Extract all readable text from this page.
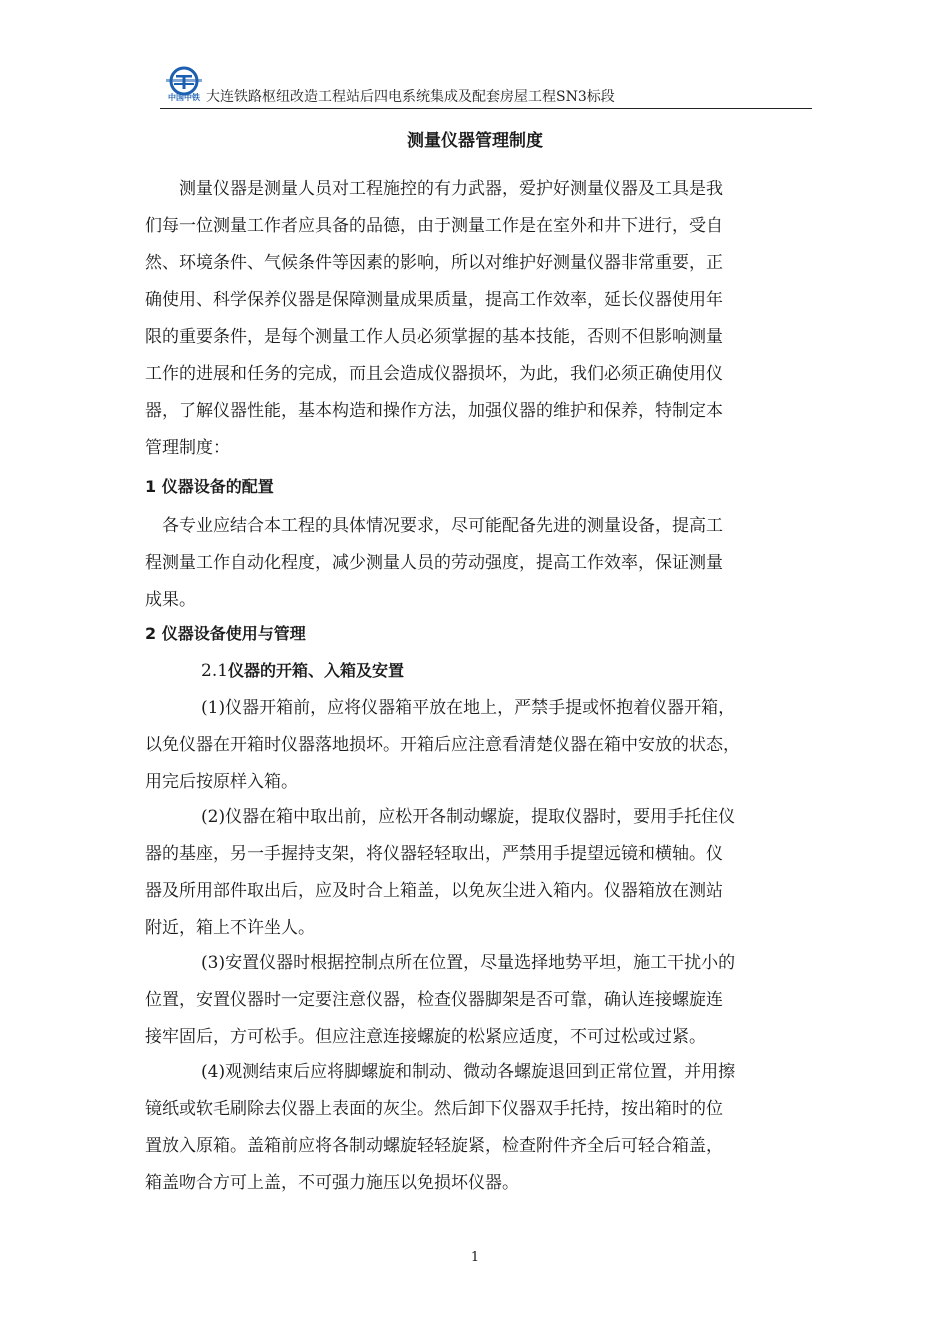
中国中铁 大连铁路枢纽改造工程站后四电系统集成及配套房屋工程SN3标段
测量仪器管理制度
测量仪器是测量人员对工程施控的有力武器，爱护好测量仪器及工具是我
们每一位测量工作者应具备的品德，由于测量工作是在室外和井下进行，受自
然、环境条件、气候条件等因素的影响，所以对维护好测量仪器非常重要，正
确使用、科学保养仪器是保障测量成果质量，提高工作效率，延长仪器使用年
限的重要条件，是每个测量工作人员必须掌握的基本技能，否则不但影响测量
工作的进展和任务的完成，而且会造成仪器损坏，为此，我们必须正确使用仪
器，了解仪器性能，基本构造和操作方法，加强仪器的维护和保养，特制定本
管理制度：
1 仪器设备的配置
各专业应结合本工程的具体情况要求，尽可能配备先进的测量设备，提高工
程测量工作自动化程度，减少测量人员的劳动强度，提高工作效率，保证测量
成果。
2 仪器设备使用与管理
2.1仪器的开箱、入箱及安置
(1)仪器开箱前，应将仪器箱平放在地上，严禁手提或怀抱着仪器开箱，
以免仪器在开箱时仪器落地损坏。开箱后应注意看清楚仪器在箱中安放的状态，
用完后按原样入箱。
(2)仪器在箱中取出前，应松开各制动螺旋，提取仪器时，要用手托住仪
器的基座，另一手握持支架，将仪器轻轻取出，严禁用手提望远镜和横轴。仪
器及所用部件取出后，应及时合上箱盖，以免灰尘进入箱内。仪器箱放在测站
附近，箱上不许坐人。
(3)安置仪器时根据控制点所在位置，尽量选择地势平坦，施工干扰小的
位置，安置仪器时一定要注意仪器，检查仪器脚架是否可靠，确认连接螺旋连
接牢固后，方可松手。但应注意连接螺旋的松紧应适度，不可过松或过紧。
(4)观测结束后应将脚螺旋和制动、微动各螺旋退回到正常位置，并用擦
镜纸或软毛刷除去仪器上表面的灰尘。然后卸下仪器双手托持，按出箱时的位
置放入原箱。盖箱前应将各制动螺旋轻轻旋紧，检查附件齐全后可轻合箱盖，
箱盖吻合方可上盖，不可强力施压以免损坏仪器。
1
